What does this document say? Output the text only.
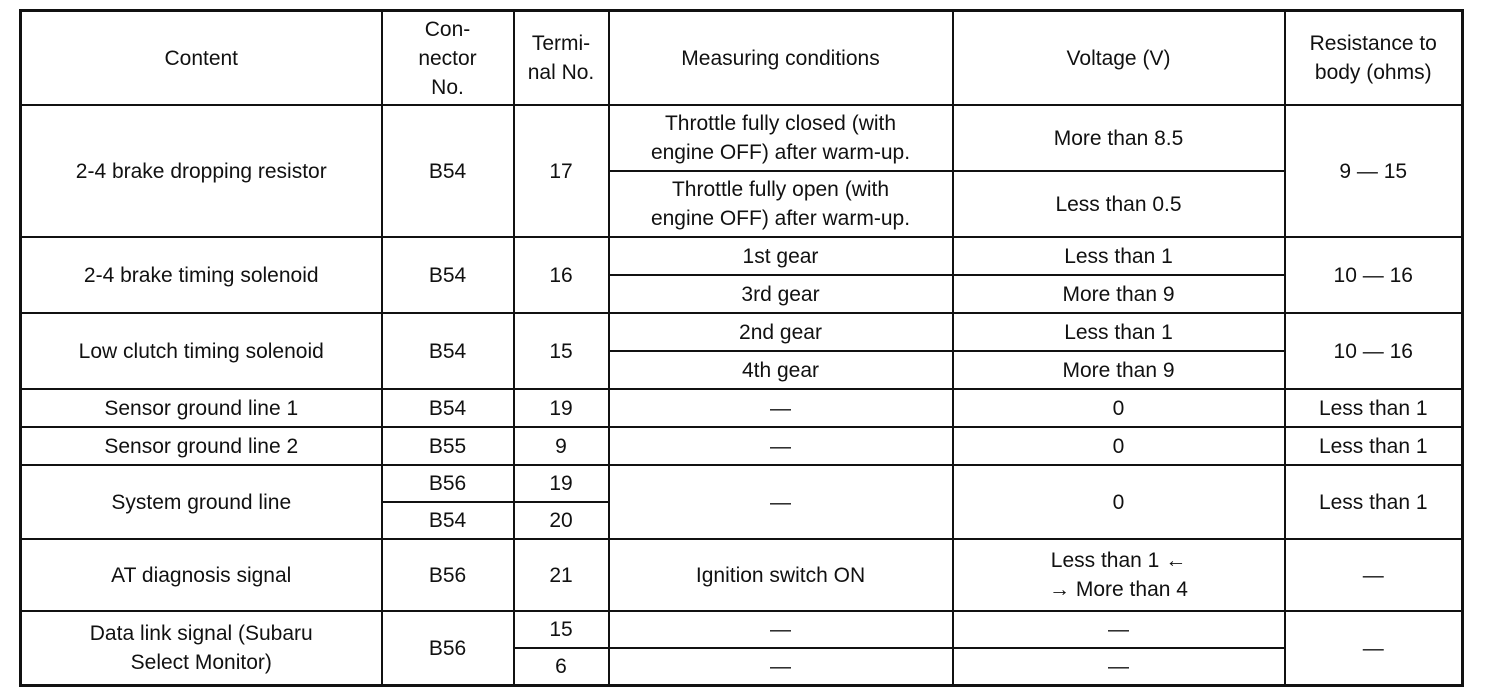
Content	Con-
nector
No.	Termi-
nal No.	Measuring conditions	Voltage (V)	Resistance to
body (ohms)
2-4 brake dropping resistor	B54	17	Throttle fully closed (with
engine OFF) after warm-up.	More than 8.5	9 — 15
			Throttle fully open (with
engine OFF) after warm-up.	Less than 0.5	
2-4 brake timing solenoid	B54	16	1st gear	Less than 1	10 — 16
			3rd gear	More than 9	
Low clutch timing solenoid	B54	15	2nd gear	Less than 1	10 — 16
			4th gear	More than 9	
Sensor ground line 1	B54	19	—	0	Less than 1
Sensor ground line 2	B55	9	—	0	Less than 1
System ground line	B56	19	—	0	Less than 1
	B54	20			
AT diagnosis signal	B56	21	Ignition switch ON	Less than 1 ←
→ More than 4	—
Data link signal (Subaru
Select Monitor)	B56	15	—	—	—
		6	—	—	
